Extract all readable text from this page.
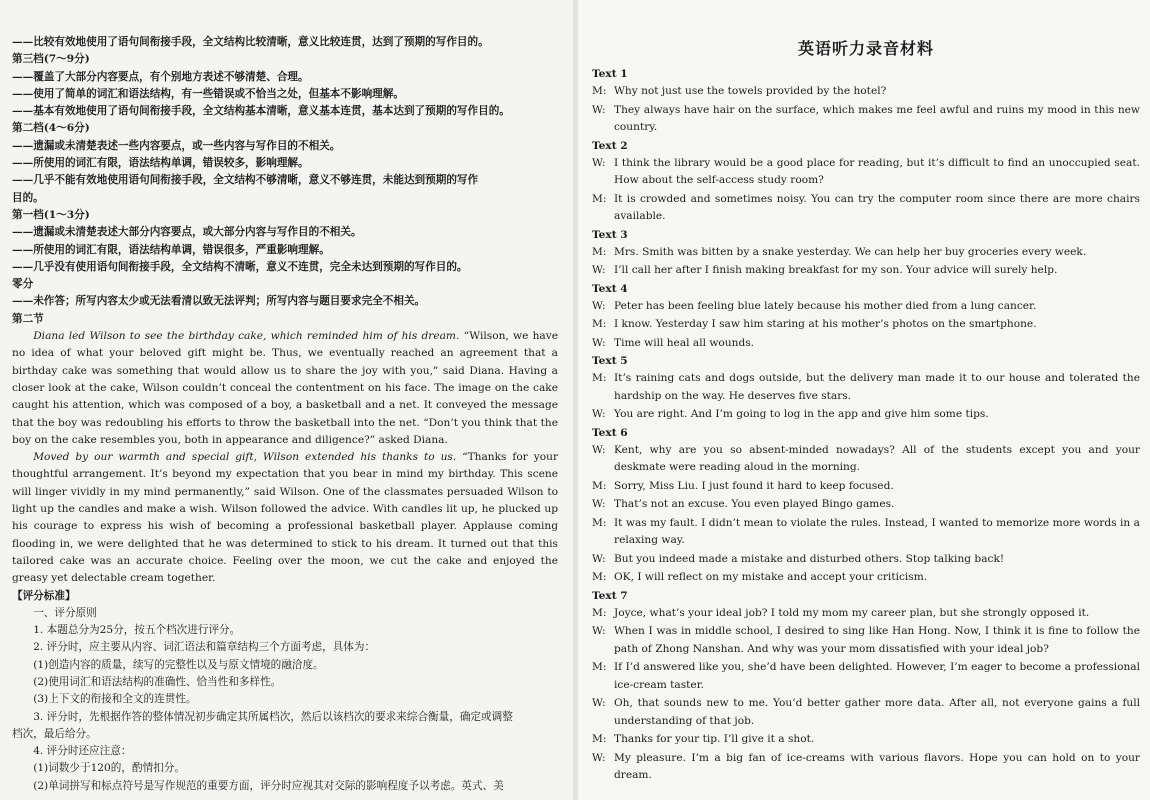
——比较有效地使用了语句间衔接手段，全文结构比较清晰，意义比较连贯，达到了预期的写作目的。

第三档(7～9分)

——覆盖了大部分内容要点，有个别地方表述不够清楚、合理。

——使用了简单的词汇和语法结构，有一些错误或不恰当之处，但基本不影响理解。

——基本有效地使用了语句间衔接手段，全文结构基本清晰，意义基本连贯，基本达到了预期的写作目的。

第二档(4～6分)

——遗漏或未清楚表述一些内容要点，或一些内容与写作目的不相关。

——所使用的词汇有限，语法结构单调，错误较多，影响理解。

——几乎不能有效地使用语句间衔接手段，全文结构不够清晰，意义不够连贯，未能达到预期的写作

目的。

第一档(1～3分)

——遗漏或未清楚表述大部分内容要点，或大部分内容与写作目的不相关。

——所使用的词汇有限，语法结构单调，错误很多，严重影响理解。

——几乎没有使用语句间衔接手段，全文结构不清晰，意义不连贯，完全未达到预期的写作目的。

零分

——未作答；所写内容太少或无法看清以致无法评判；所写内容与题目要求完全不相关。

第二节

Diana led Wilson to see the birthday cake, which reminded him of his dream. “Wilson, we have no idea of what your beloved gift might be. Thus, we eventually reached an agreement that a birthday cake was something that would allow us to share the joy with you,” said Diana. Having a closer look at the cake, Wilson couldn’t conceal the contentment on his face. The image on the cake caught his attention, which was composed of a boy, a basketball and a net. It conveyed the message that the boy was redoubling his efforts to throw the basketball into the net. “Don’t you think that the boy on the cake resembles you, both in appearance and diligence?” asked Diana.

Moved by our warmth and special gift, Wilson extended his thanks to us. “Thanks for your thoughtful arrangement. It’s beyond my expectation that you bear in mind my birthday. This scene will linger vividly in my mind permanently,” said Wilson. One of the classmates persuaded Wilson to light up the candles and make a wish. Wilson followed the advice. With candles lit up, he plucked up his courage to express his wish of becoming a professional basketball player. Applause coming flooding in, we were delighted that he was determined to stick to his dream. It turned out that this tailored cake was an accurate choice. Feeling over the moon, we cut the cake and enjoyed the greasy yet delectable cream together.

【评分标准】

一、评分原则

1. 本题总分为25分，按五个档次进行评分。

2. 评分时，应主要从内容、词汇语法和篇章结构三个方面考虑，具体为：

(1)创造内容的质量，续写的完整性以及与原文情境的融洽度。

(2)使用词汇和语法结构的准确性、恰当性和多样性。

(3)上下文的衔接和全文的连贯性。

3. 评分时，先根据作答的整体情况初步确定其所属档次，然后以该档次的要求来综合衡量，确定或调整

档次，最后给分。

4. 评分时还应注意：

(1)词数少于120的，酌情扣分。

(2)单词拼写和标点符号是写作规范的重要方面，评分时应视其对交际的影响程度予以考虑。英式、美

英语听力录音材料

Text 1

M: Why not just use the towels provided by the hotel?
W: They always have hair on the surface, which makes me feel awful and ruins my mood in this new country.

Text 2

W: I think the library would be a good place for reading, but it’s difficult to find an unoccupied seat. How about the self-access study room?
M: It is crowded and sometimes noisy. You can try the computer room since there are more chairs available.

Text 3

M: Mrs. Smith was bitten by a snake yesterday. We can help her buy groceries every week.
W: I’ll call her after I finish making breakfast for my son. Your advice will surely help.

Text 4

W: Peter has been feeling blue lately because his mother died from a lung cancer.
M: I know. Yesterday I saw him staring at his mother’s photos on the smartphone.
W: Time will heal all wounds.

Text 5

M: It’s raining cats and dogs outside, but the delivery man made it to our house and tolerated the hardship on the way. He deserves five stars.
W: You are right. And I’m going to log in the app and give him some tips.

Text 6

W: Kent, why are you so absent-minded nowadays? All of the students except you and your deskmate were reading aloud in the morning.
M: Sorry, Miss Liu. I just found it hard to keep focused.
W: That’s not an excuse. You even played Bingo games.
M: It was my fault. I didn’t mean to violate the rules. Instead, I wanted to memorize more words in a relaxing way.
W: But you indeed made a mistake and disturbed others. Stop talking back!
M: OK, I will reflect on my mistake and accept your criticism.

Text 7

M: Joyce, what’s your ideal job? I told my mom my career plan, but she strongly opposed it.
W: When I was in middle school, I desired to sing like Han Hong. Now, I think it is fine to follow the path of Zhong Nanshan. And why was your mom dissatisfied with your ideal job?
M: If I’d answered like you, she’d have been delighted. However, I’m eager to become a professional ice-cream taster.
W: Oh, that sounds new to me. You’d better gather more data. After all, not everyone gains a full understanding of that job.
M: Thanks for your tip. I’ll give it a shot.
W: My pleasure. I’m a big fan of ice-creams with various flavors. Hope you can hold on to your dream.
